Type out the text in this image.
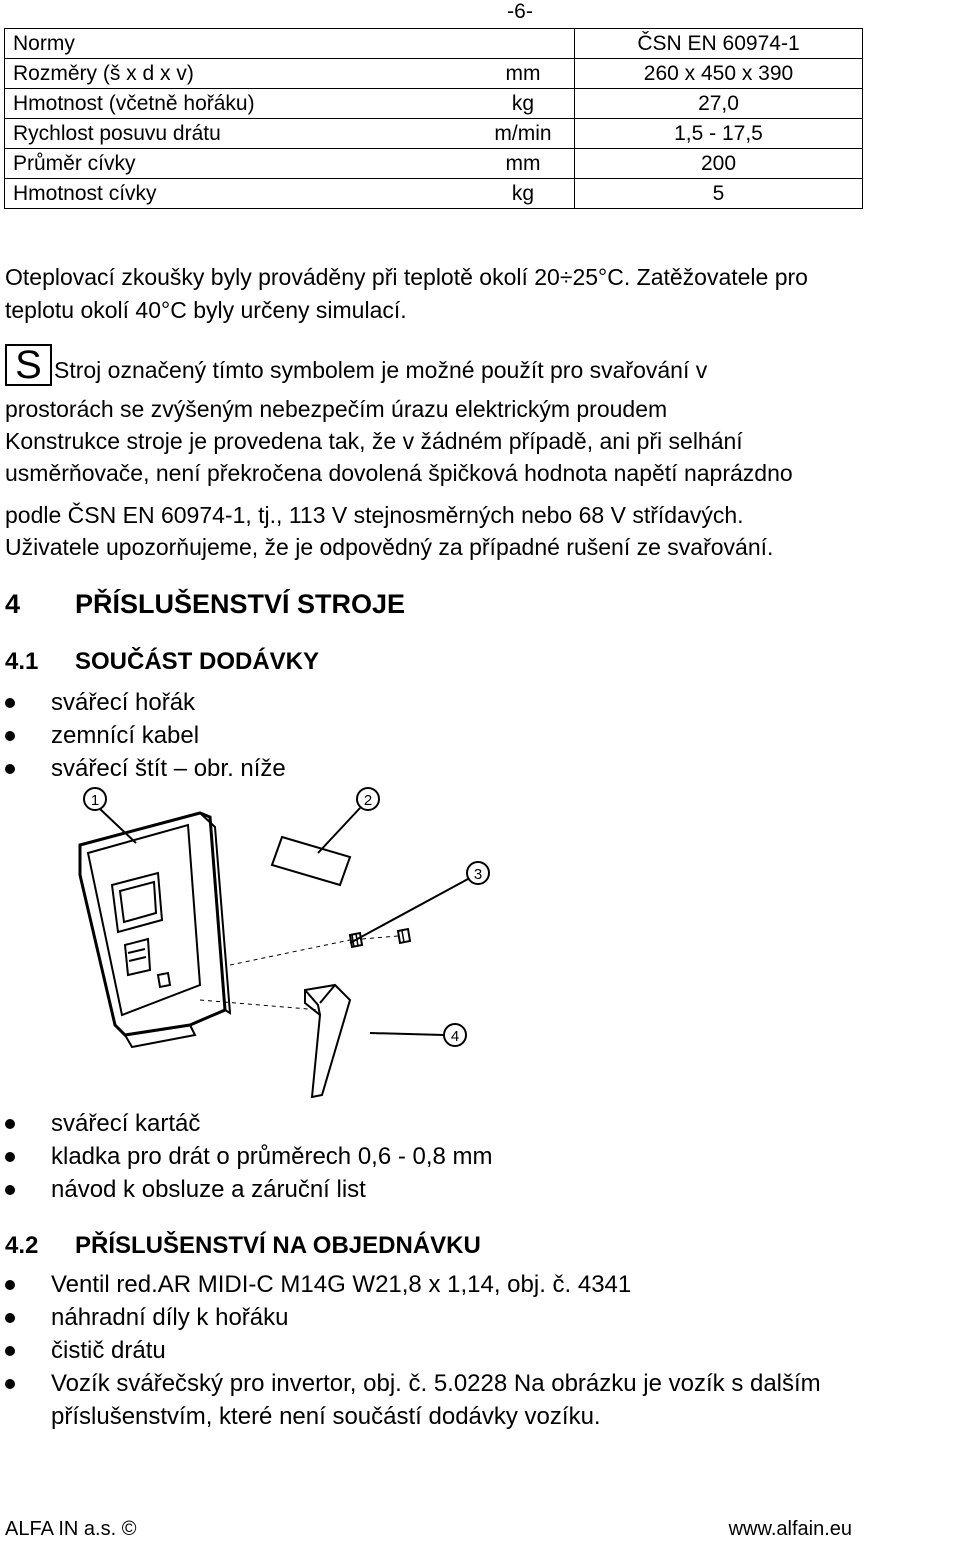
-6-
Normy		ČSN EN 60974-1
Rozměry (š x d x v)	mm	260 x 450 x 390
Hmotnost (včetně hořáku)	kg	27,0
Rychlost posuvu drátu	m/min	1,5 - 17,5
Průměr cívky	mm	200
Hmotnost cívky	kg	5
Oteplovací zkoušky byly prováděny při teplotě okolí 20÷25°C. Zatěžovatele pro
teplotu okolí 40°C byly určeny simulací.
S Stroj označený tímto symbolem je možné použít pro svařování v
prostorách se zvýšeným nebezpečím úrazu elektrickým proudem
Konstrukce stroje je provedena tak, že v žádném případě, ani při selhání
usměrňovače, není překročena dovolená špičková hodnota napětí naprázdno
podle ČSN EN 60974-1, tj., 113 V stejnosměrných nebo 68 V střídavých.
Uživatele upozorňujeme, že je odpovědný za případné rušení ze svařování.
4 PŘÍSLUŠENSTVÍ STROJE
4.1 SOUČÁST DODÁVKY
svářecí hořák
zemnící kabel
svářecí štít – obr. níže
1	2
3
4
svářecí kartáč
kladka pro drát o průměrech 0,6 - 0,8 mm
návod k obsluze a záruční list
4.2 PŘÍSLUŠENSTVÍ NA OBJEDNÁVKU
Ventil red.AR MIDI-C M14G W21,8 x 1,14, obj. č. 4341
náhradní díly k hořáku
čistič drátu
Vozík svářečský pro invertor, obj. č. 5.0228 Na obrázku je vozík s dalším
příslušenstvím, které není součástí dodávky vozíku.
ALFA IN a.s. ©	www.alfain.eu
